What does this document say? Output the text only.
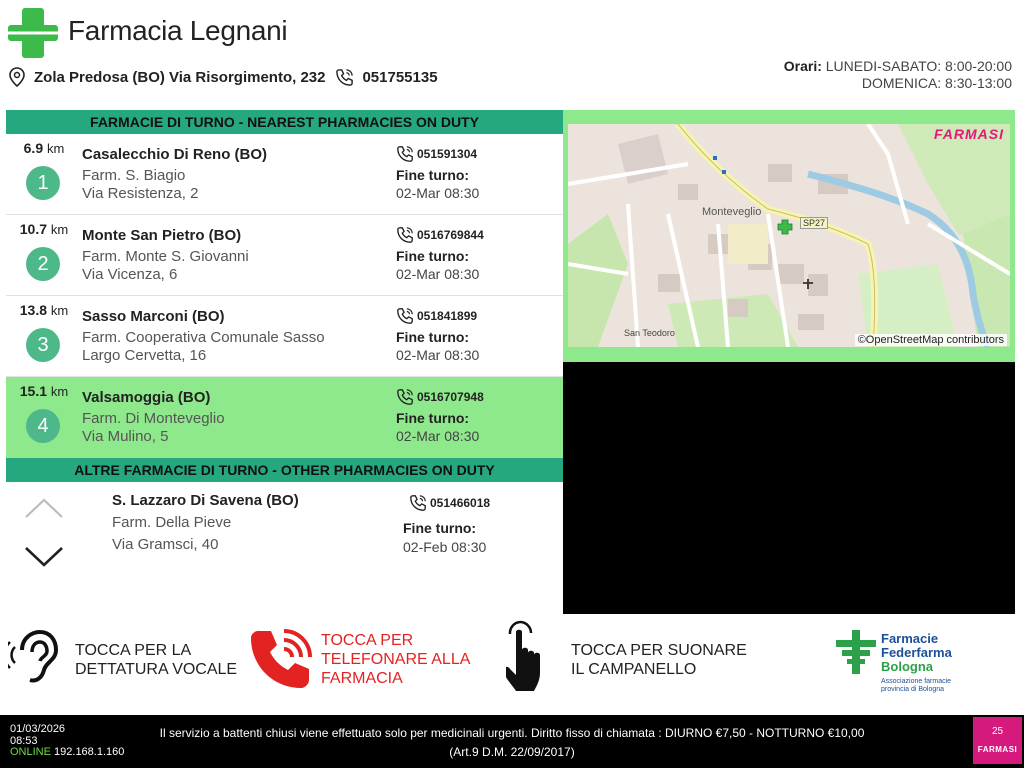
Farmacia Legnani
Zola Predosa (BO) Via Risorgimento, 232 051755135
Orari: LUNEDI-SABATO: 8:00-20:00
DOMENICA: 8:30-13:00
FARMACIE DI TURNO - NEAREST PHARMACIES ON DUTY
6.9 km
1
Casalecchio Di Reno (BO)
Farm. S. Biagio
Via Resistenza, 2
051591304
Fine turno:
02-Mar 08:30
10.7 km
2
Monte San Pietro (BO)
Farm. Monte S. Giovanni
Via Vicenza, 6
0516769844
Fine turno:
02-Mar 08:30
13.8 km
3
Sasso Marconi (BO)
Farm. Cooperativa Comunale Sasso
Largo Cervetta, 16
051841899
Fine turno:
02-Mar 08:30
15.1 km
4
Valsamoggia (BO)
Farm. Di Monteveglio
Via Mulino, 5
0516707948
Fine turno:
02-Mar 08:30
ALTRE FARMACIE DI TURNO - OTHER PHARMACIES ON DUTY
S. Lazzaro Di Savena (BO)
Farm. Della Pieve
Via Gramsci, 40
051466018
Fine turno:
02-Feb 08:30
FARMASI
Monteveglio
SP27
San Teodoro
©OpenStreetMap contributors
TOCCA PER LA
DETTATURA VOCALE
TOCCA PER
TELEFONARE ALLA
FARMACIA
TOCCA PER SUONARE
IL CAMPANELLO
Farmacie
Federfarma
Bologna
Associazione farmacie
provincia di Bologna
01/03/2026
08:53
ONLINE 192.168.1.160
Il servizio a battenti chiusi viene effettuato solo per medicinali urgenti. Diritto fisso di chiamata : DIURNO €7,50 - NOTTURNO €10,00 (Art.9 D.M. 22/09/2017)
25
FARMASI
